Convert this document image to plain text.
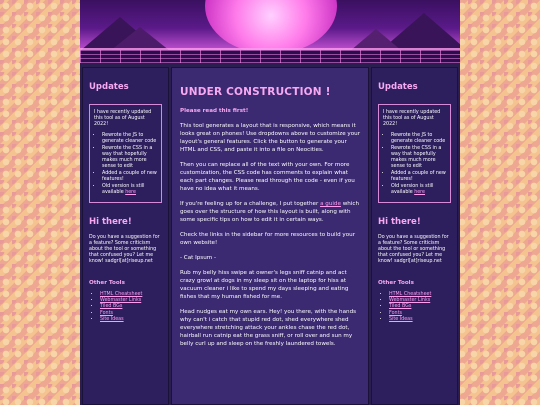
Updates

I have recently updated this tool as of August 2022!

• Rewrote the JS to generate cleaner code
• Rewrote the CSS in a way that hopefully makes much more sense to edit
• Added a couple of new features!
• Old version is still available here
Hi there!
Do you have a suggestion for a feature? Some criticism about the tool or something that confused you? Let me know! sadgrl[at]riseup.net
Other Tools
• HTML Cheatsheet
• Webmaster Links
• Tiled BGs
• Fonts
• Site Ideas
UNDER CONSTRUCTION !
Please read this first!

This tool generates a layout that is responsive, which means it looks great on phones! Use dropdowns above to customize your layout's general features. Click the button to generate your HTML and CSS, and paste it into a file on Neocities.

Then you can replace all of the text with your own. For more customization, the CSS code has comments to explain what each part changes. Please read through the code - even if you have no idea what it means.

If you're feeling up for a challenge, I put together a guide which goes over the structure of how this layout is built, along with some specific tips on how to edit it in certain ways.

Check the links in the sidebar for more resources to build your own website!

- Cat Ipsum -

Rub my belly hiss swipe at owner's legs sniff catnip and act crazy growl at dogs in my sleep sit on the laptop for hiss at vacuum cleaner i like to spend my days sleeping and eating fishes that my human fished for me.

Head nudges eat my own ears. Hey! you there, with the hands why can't i catch that stupid red dot, shed everywhere shed everywhere stretching attack your ankles chase the red dot, hairball run catnip eat the grass sniff, or roll over and sun my belly curl up and sleep on the freshly laundered towels.

Updates

I have recently updated this tool as of August 2022!

• Rewrote the JS to generate cleaner code
• Rewrote the CSS in a way that hopefully makes much more sense to edit
• Added a couple of new features!
• Old version is still available here
Hi there!
Do you have a suggestion for a feature? Some criticism about the tool or something that confused you? Let me know! sadgrl[at]riseup.net
Other Tools
• HTML Cheatsheet
• Webmaster Links
• Tiled BGs
• Fonts
• Site Ideas
